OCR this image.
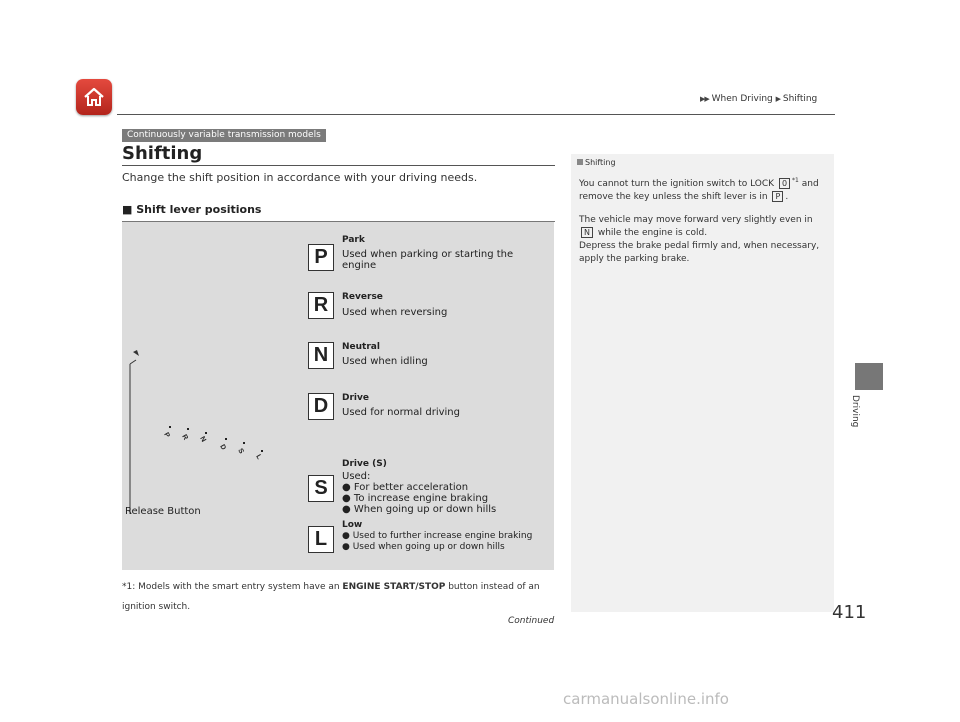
▶▶ When Driving ▶ Shifting
Continuously variable transmission models
Shifting
Change the shift position in accordance with your driving needs.
■ Shift lever positions
P R N
D S
L
P
Park
Used when parking or starting the engine
R	Reverse
Used when reversing
N	Neutral
Used when idling
D	Drive
Used for normal driving
S
Drive (S)
Used:
● For better acceleration
● To increase engine braking
● When going up or down hills
L
Low
● Used to further increase engine braking
● Used when going up or down hills
Release Button
*1: Models with the smart entry system have an ENGINE START/STOP button instead of an ignition switch.
Continued
Shifting
You cannot turn the ignition switch to LOCK 0 $^{*1}$ and remove the key unless the shift lever is in P .
The vehicle may move forward very slightly even in N while the engine is cold.
Depress the brake pedal firmly and, when necessary, apply the parking brake.
Driving
411
carmanualsonline.info
